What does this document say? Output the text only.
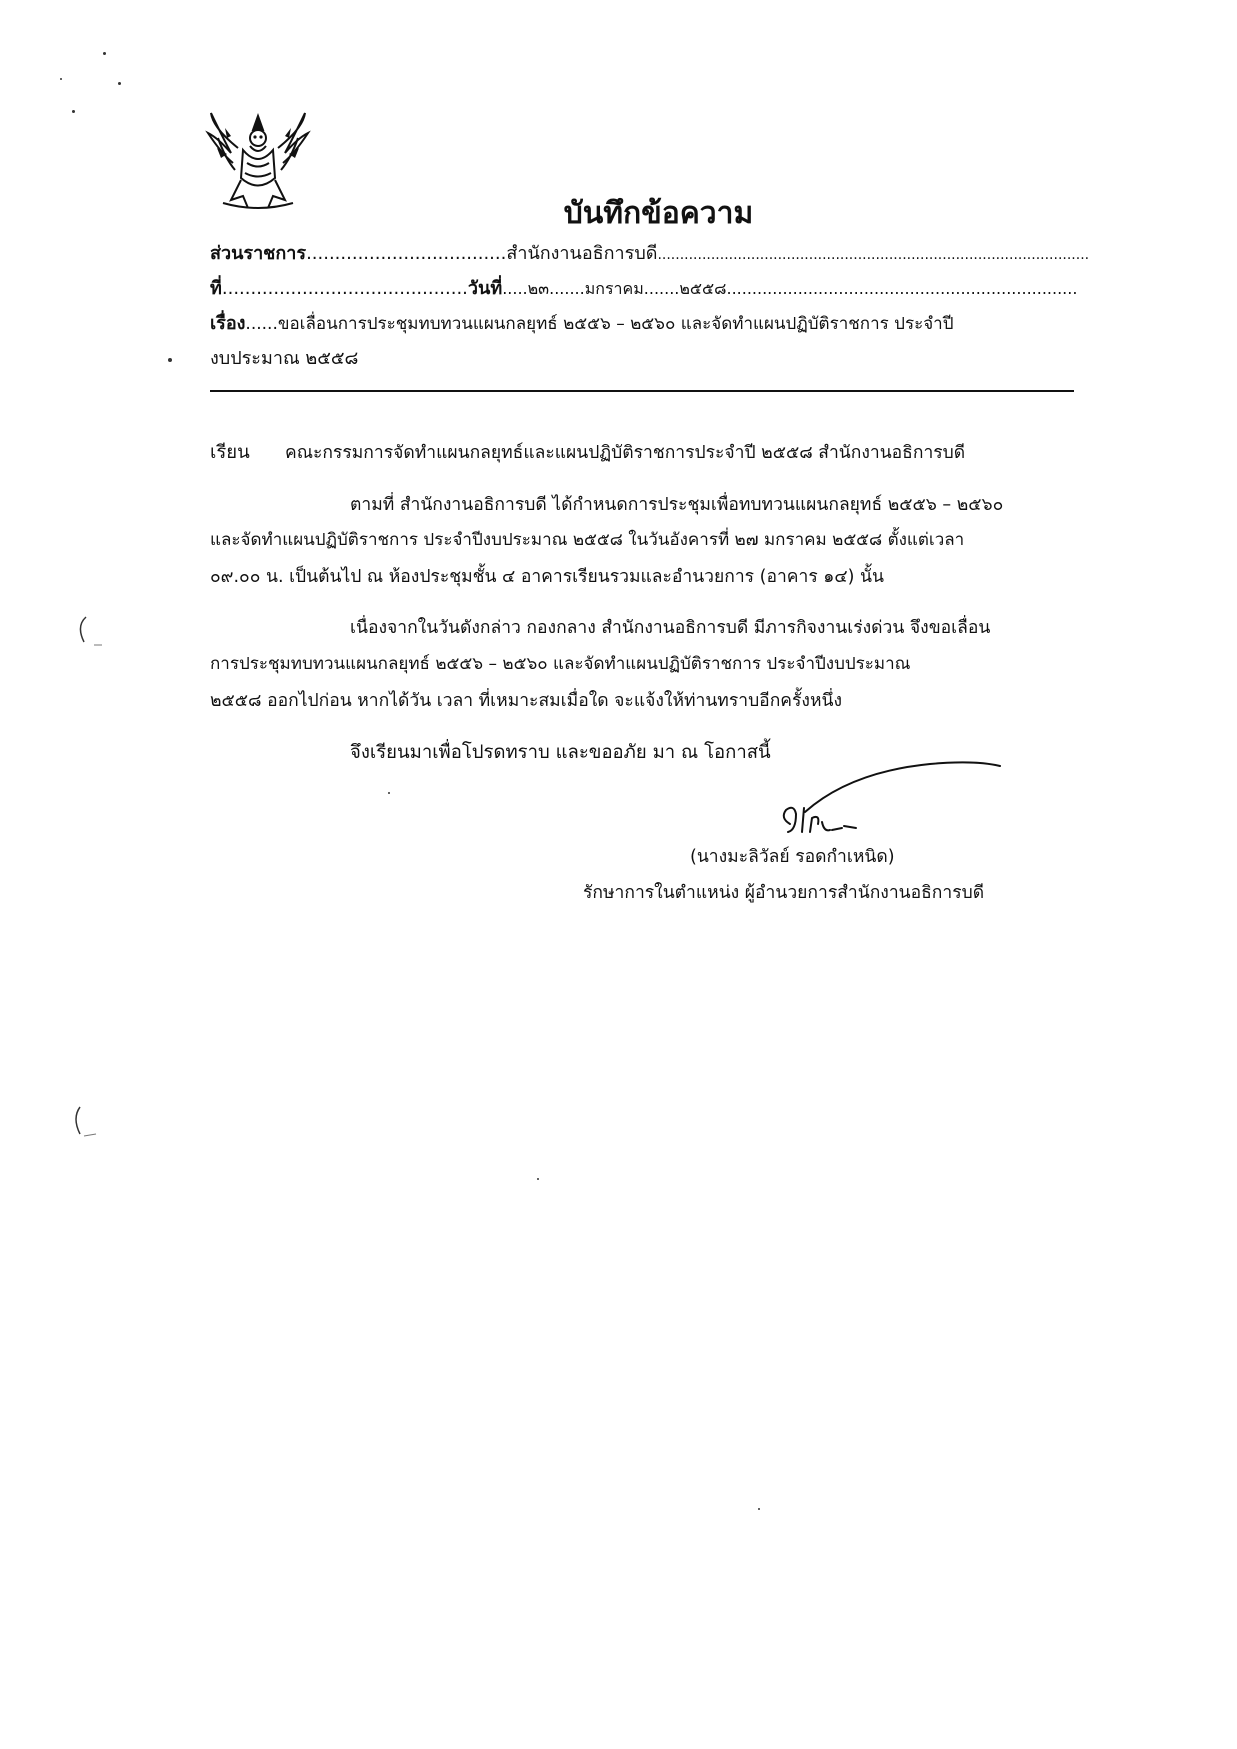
บันทึกข้อความ
ส่วนราชการ...................................สำนักงานอธิการบดี.................................................................................................
ที่...........................................วันที่.....๒๓.......มกราคม.......๒๕๕๘.....................................................................
เรื่อง......ขอเลื่อนการประชุมทบทวนแผนกลยุทธ์ ๒๕๕๖ – ๒๕๖๐ และจัดทำแผนปฏิบัติราชการ ประจำปี
งบประมาณ ๒๕๕๘
เรียน คณะกรรมการจัดทำแผนกลยุทธ์และแผนปฏิบัติราชการประจำปี ๒๕๕๘ สำนักงานอธิการบดี
ตามที่ สำนักงานอธิการบดี ได้กำหนดการประชุมเพื่อทบทวนแผนกลยุทธ์ ๒๕๕๖ – ๒๕๖๐
และจัดทำแผนปฏิบัติราชการ ประจำปีงบประมาณ ๒๕๕๘ ในวันอังคารที่ ๒๗ มกราคม ๒๕๕๘ ตั้งแต่เวลา
๐๙.๐๐ น. เป็นต้นไป ณ ห้องประชุมชั้น ๔ อาคารเรียนรวมและอำนวยการ (อาคาร ๑๔) นั้น
เนื่องจากในวันดังกล่าว กองกลาง สำนักงานอธิการบดี มีภารกิจงานเร่งด่วน จึงขอเลื่อน
การประชุมทบทวนแผนกลยุทธ์ ๒๕๕๖ – ๒๕๖๐ และจัดทำแผนปฏิบัติราชการ ประจำปีงบประมาณ
๒๕๕๘ ออกไปก่อน หากได้วัน เวลา ที่เหมาะสมเมื่อใด จะแจ้งให้ท่านทราบอีกครั้งหนึ่ง
จึงเรียนมาเพื่อโปรดทราบ และขออภัย มา ณ โอกาสนี้
(นางมะลิวัลย์ รอดกำเหนิด)
รักษาการในตำแหน่ง ผู้อำนวยการสำนักงานอธิการบดี
